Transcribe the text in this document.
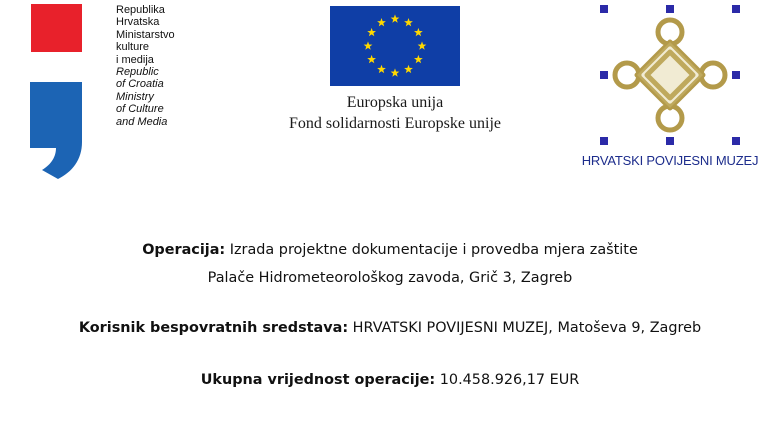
Republika
Hrvatska
Ministarstvo
kulture
i medija
Republic
of Croatia
Ministry
of Culture
and Media
Europska unija
Fond solidarnosti Europske unije
HRVATSKI POVIJESNI MUZEJ

Operacija: Izrada projektne dokumentacije i provedba mjera zaštite

Palače Hidrometeorološkog zavoda, Grič 3, Zagreb

Korisnik bespovratnih sredstava: HRVATSKI POVIJESNI MUZEJ, Matoševa 9, Zagreb

Ukupna vrijednost operacije: 10.458.926,17 EUR
